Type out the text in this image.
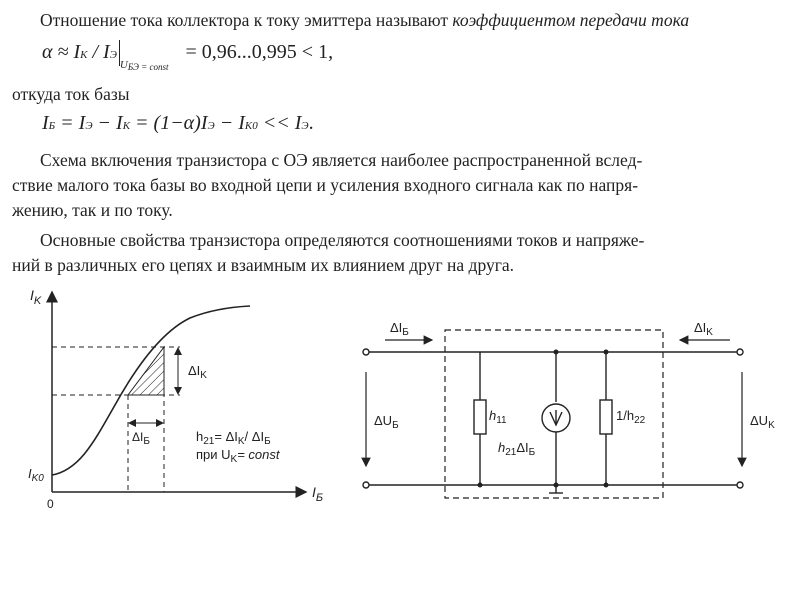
Отношение тока коллектора к току эмиттера называют коэффициентом передачи тока
α ≈ IK / $IЭ_{UБЭ = const} = 0,96...0,995 < 1$,
откуда ток базы
IБ = IЭ − IK = (1−α)IЭ − IK0 << IЭ.
Схема включения транзистора с ОЭ является наиболее распространенной вслед-
ствие малого тока базы во входной цепи и усиления входного сигнала как по напря-
жению, так и по току.
Основные свойства транзистора определяются соотношениями токов и напряже-
ний в различных его цепях и взаимным их влиянием друг на друга.
$I_K$
$I_Б$
0
$I_{K0}$
$\Delta I_K$
$\Delta I_Б$	$h_{21}= \Delta I_K/$ $\Delta I_Б$
при $U_K=$ const
$\Delta I_Б$	$\Delta I_K$
$\Delta U_Б$	$\Delta U_K$
$h_{11}$
$h_{21}\Delta I_Б$
$1/h_{22}$
